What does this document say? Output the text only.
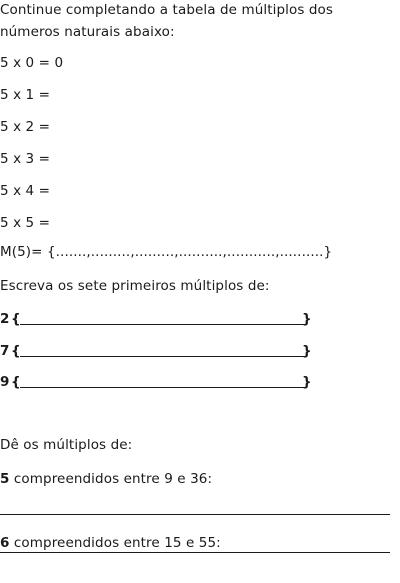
Continue completando a tabela de múltiplos dos
números naturais abaixo:
5 x 0 = 0
5 x 1 =
5 x 2 =
5 x 3 =
5 x 4 =
5 x 5 =
M(5)= {.......,.........,.........,..........,...........,..........}
Escreva os sete primeiros múltiplos de:
2 {	}
7 {	}
9 {	}
Dê os múltiplos de:
5 compreendidos entre 9 e 36:
6 compreendidos entre 15 e 55:
